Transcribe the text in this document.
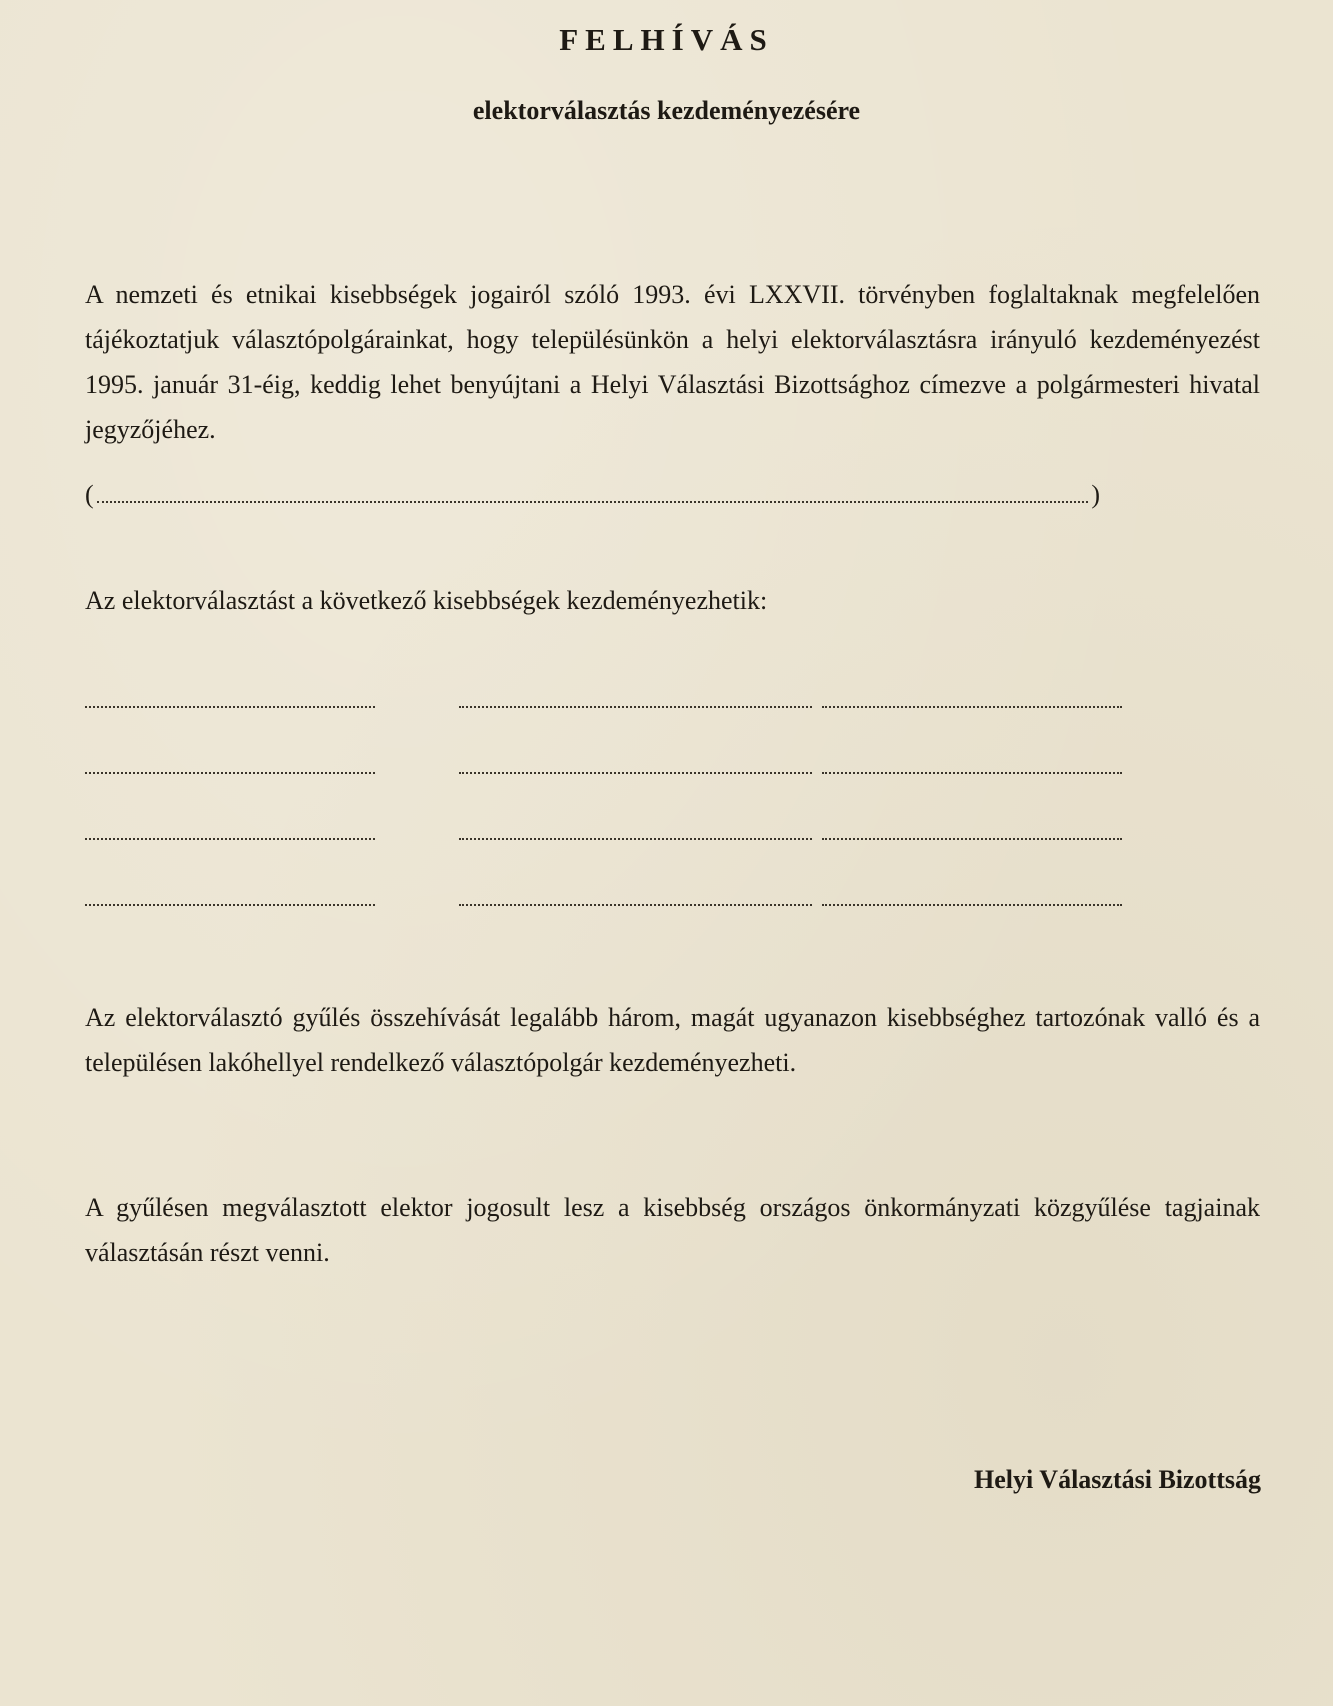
FELHÍVÁS
elektorválasztás kezdeményezésére
A nemzeti és etnikai kisebbségek jogairól szóló 1993. évi LXXVII. törvényben foglaltaknak megfelelően tájékoztatjuk választópolgárainkat, hogy településünkön a helyi elektorválasztásra irányuló kezdeményezést 1995. január 31-éig, keddig lehet benyújtani a Helyi Választási Bizottsághoz címezve a polgármesteri hivatal jegyzőjéhez.
(	)
Az elektorválasztást a következő kisebbségek kezdeményezhetik:
Az elektorválasztó gyűlés összehívását legalább három, magát ugyanazon kisebbséghez tartozónak valló és a településen lakóhellyel rendelkező választópolgár kezdeményezheti.
A gyűlésen megválasztott elektor jogosult lesz a kisebbség országos önkormányzati közgyűlése tagjainak választásán részt venni.
Helyi Választási Bizottság
